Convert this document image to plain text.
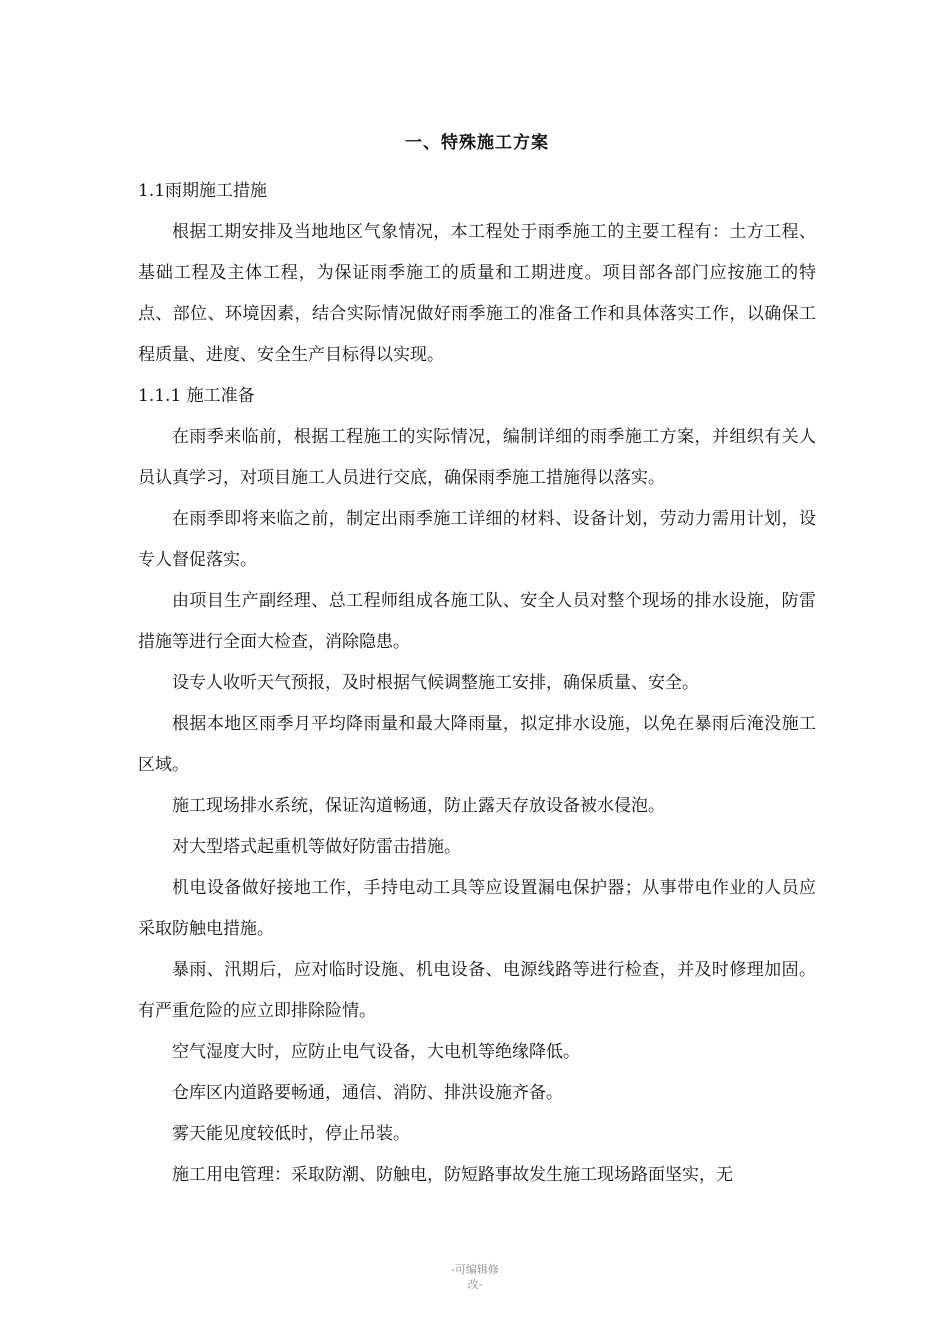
一、特殊施工方案

1.1雨期施工措施

根据工期安排及当地地区气象情况，本工程处于雨季施工的主要工程有：土方工程、基础工程及主体工程，为保证雨季施工的质量和工期进度。项目部各部门应按施工的特点、部位、环境因素，结合实际情况做好雨季施工的准备工作和具体落实工作，以确保工程质量、进度、安全生产目标得以实现。

1.1.1 施工准备

在雨季来临前，根据工程施工的实际情况，编制详细的雨季施工方案，并组织有关人员认真学习，对项目施工人员进行交底，确保雨季施工措施得以落实。

在雨季即将来临之前，制定出雨季施工详细的材料、设备计划，劳动力需用计划，设专人督促落实。

由项目生产副经理、总工程师组成各施工队、安全人员对整个现场的排水设施，防雷措施等进行全面大检查，消除隐患。

设专人收听天气预报，及时根据气候调整施工安排，确保质量、安全。

根据本地区雨季月平均降雨量和最大降雨量，拟定排水设施，以免在暴雨后淹没施工区域。

施工现场排水系统，保证沟道畅通，防止露天存放设备被水侵泡。

对大型塔式起重机等做好防雷击措施。

机电设备做好接地工作，手持电动工具等应设置漏电保护器；从事带电作业的人员应采取防触电措施。

暴雨、汛期后，应对临时设施、机电设备、电源线路等进行检查，并及时修理加固。有严重危险的应立即排除险情。

空气湿度大时，应防止电气设备，大电机等绝缘降低。

仓库区内道路要畅通，通信、消防、排洪设施齐备。

雾天能见度较低时，停止吊装。

施工用电管理：采取防潮、防触电，防短路事故发生施工现场路面坚实，无

-可编辑修
改-
